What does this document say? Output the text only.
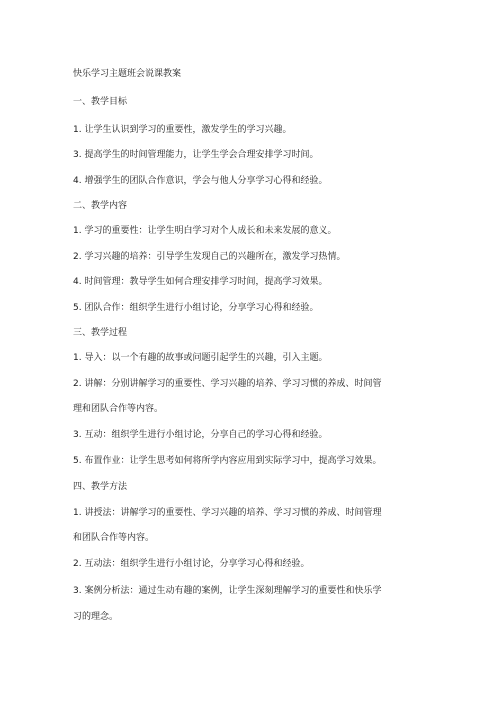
快乐学习主题班会说课教案
一、教学目标
1. 让学生认识到学习的重要性，激发学生的学习兴趣。
3. 提高学生的时间管理能力，让学生学会合理安排学习时间。
4. 增强学生的团队合作意识，学会与他人分享学习心得和经验。
二、教学内容
1. 学习的重要性：让学生明白学习对个人成长和未来发展的意义。
2. 学习兴趣的培养：引导学生发现自己的兴趣所在，激发学习热情。
4. 时间管理：教导学生如何合理安排学习时间，提高学习效果。
5. 团队合作：组织学生进行小组讨论，分享学习心得和经验。
三、教学过程
1. 导入：以一个有趣的故事或问题引起学生的兴趣，引入主题。
2. 讲解：分别讲解学习的重要性、学习兴趣的培养、学习习惯的养成、时间管
理和团队合作等内容。
3. 互动：组织学生进行小组讨论，分享自己的学习心得和经验。
5. 布置作业：让学生思考如何将所学内容应用到实际学习中，提高学习效果。
四、教学方法
1. 讲授法：讲解学习的重要性、学习兴趣的培养、学习习惯的养成、时间管理
和团队合作等内容。
2. 互动法：组织学生进行小组讨论，分享学习心得和经验。
3. 案例分析法：通过生动有趣的案例，让学生深刻理解学习的重要性和快乐学
习的理念。
